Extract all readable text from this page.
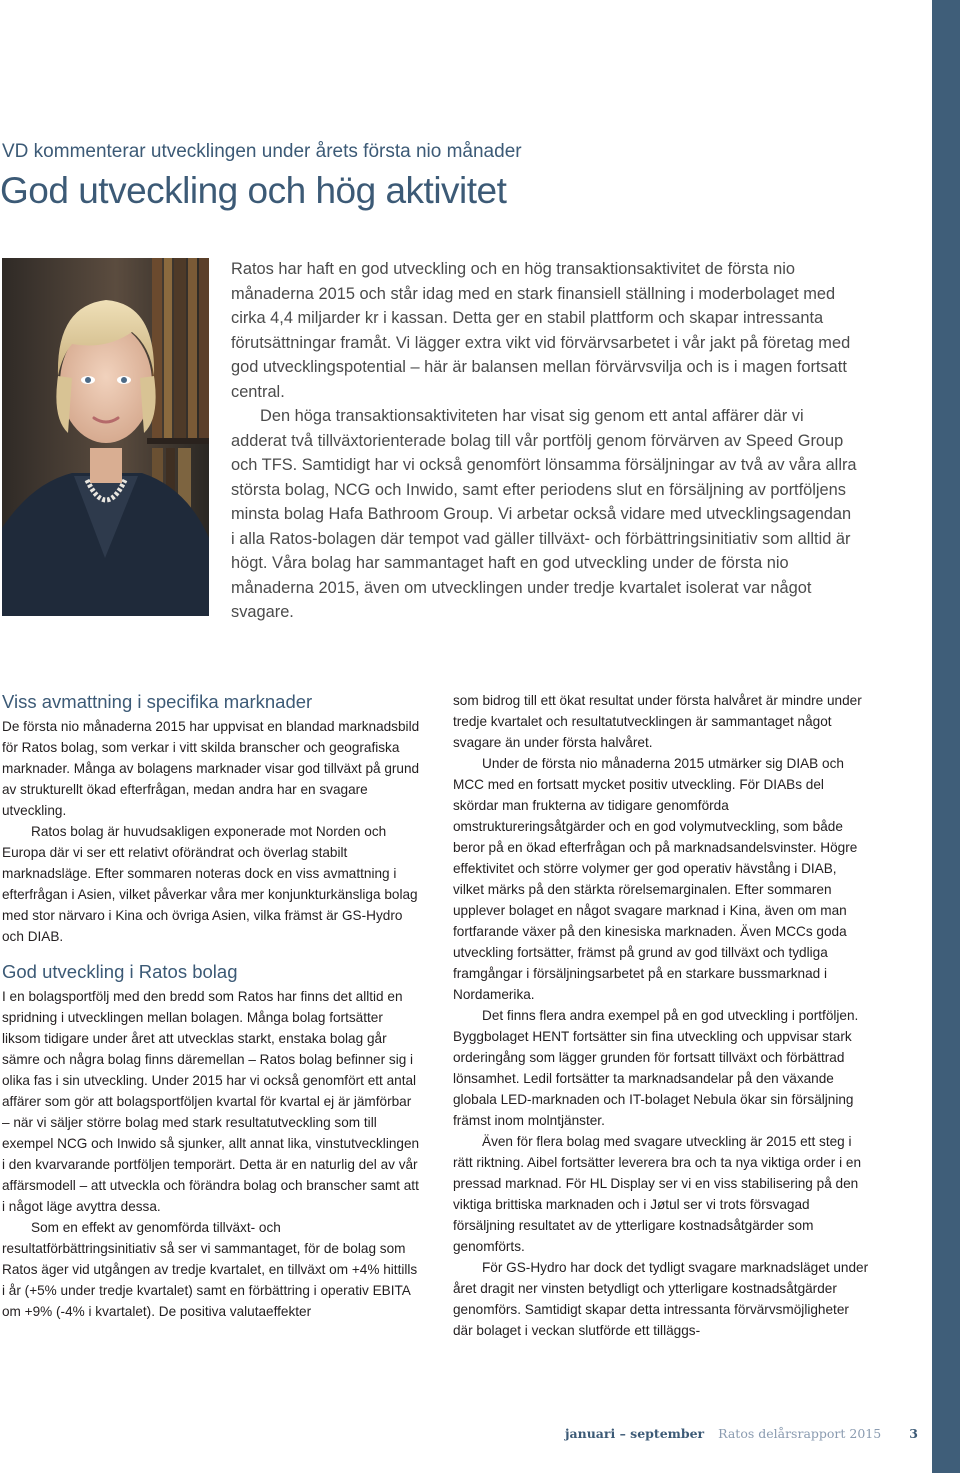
VD kommenterar utvecklingen under årets första nio månader
God utveckling och hög aktivitet

Ratos har haft en god utveckling och en hög transaktionsaktivitet de första nio månaderna 2015 och står idag med en stark finansiell ställning i moderbolaget med cirka 4,4 miljarder kr i kassan. Detta ger en stabil plattform och skapar intressanta förutsättningar framåt. Vi lägger extra vikt vid förvärvsarbetet i vår jakt på företag med god utvecklingspotential – här är balansen mellan förvärvsvilja och is i magen fortsatt central.

Den höga transaktionsaktiviteten har visat sig genom ett antal affärer där vi adderat två tillväxtorienterade bolag till vår portfölj genom förvärven av Speed Group och TFS. Samtidigt har vi också genomfört lönsamma försäljningar av två av våra allra största bolag, NCG och Inwido, samt efter periodens slut en försäljning av portföljens minsta bolag Hafa Bathroom Group. Vi arbetar också vidare med utvecklingsagendan i alla Ratos-bolagen där tempot vad gäller tillväxt- och förbättringsinitiativ som alltid är högt. Våra bolag har sammantaget haft en god utveckling under de första nio månaderna 2015, även om utvecklingen under tredje kvartalet isolerat var något svagare.

Viss avmattning i specifika marknader

De första nio månaderna 2015 har uppvisat en blandad marknadsbild för Ratos bolag, som verkar i vitt skilda branscher och geografiska marknader. Många av bolagens marknader visar god tillväxt på grund av strukturellt ökad efterfrågan, medan andra har en svagare utveckling.

Ratos bolag är huvudsakligen exponerade mot Norden och Europa där vi ser ett relativt oförändrat och överlag stabilt marknadsläge. Efter sommaren noteras dock en viss avmattning i efterfrågan i Asien, vilket påverkar våra mer konjunkturkänsliga bolag med stor närvaro i Kina och övriga Asien, vilka främst är GS-Hydro och DIAB.

God utveckling i Ratos bolag

I en bolagsportfölj med den bredd som Ratos har finns det alltid en spridning i utvecklingen mellan bolagen. Många bolag fortsätter liksom tidigare under året att utvecklas starkt, enstaka bolag går sämre och några bolag finns däremellan – Ratos bolag befinner sig i olika fas i sin utveckling. Under 2015 har vi också genomfört ett antal affärer som gör att bolagsportföljen kvartal för kvartal ej är jämförbar – när vi säljer större bolag med stark resultatutveckling som till exempel NCG och Inwido så sjunker, allt annat lika, vinstutvecklingen i den kvarvarande portföljen temporärt. Detta är en naturlig del av vår affärsmodell – att utveckla och förändra bolag och branscher samt att i något läge avyttra dessa.

Som en effekt av genomförda tillväxt- och resultatförbättringsinitiativ så ser vi sammantaget, för de bolag som Ratos äger vid utgången av tredje kvartalet, en tillväxt om +4% hittills i år (+5% under tredje kvartalet) samt en förbättring i operativ EBITA om +9% (-4% i kvartalet). De positiva valutaeffekter

som bidrog till ett ökat resultat under första halvåret är mindre under tredje kvartalet och resultatutvecklingen är sammantaget något svagare än under första halvåret.

Under de första nio månaderna 2015 utmärker sig DIAB och MCC med en fortsatt mycket positiv utveckling. För DIABs del skördar man frukterna av tidigare genomförda omstruktureringsåtgärder och en god volymutveckling, som både beror på en ökad efterfrågan och på marknadsandelsvinster. Högre effektivitet och större volymer ger god operativ hävstång i DIAB, vilket märks på den stärkta rörelsemarginalen. Efter sommaren upplever bolaget en något svagare marknad i Kina, även om man fortfarande växer på den kinesiska marknaden. Även MCCs goda utveckling fortsätter, främst på grund av god tillväxt och tydliga framgångar i försäljningsarbetet på en starkare bussmarknad i Nordamerika.

Det finns flera andra exempel på en god utveckling i portföljen. Byggbolaget HENT fortsätter sin fina utveckling och uppvisar stark orderingång som lägger grunden för fortsatt tillväxt och förbättrad lönsamhet. Ledil fortsätter ta marknadsandelar på den växande globala LED-marknaden och IT-bolaget Nebula ökar sin försäljning främst inom molntjänster.

Även för flera bolag med svagare utveckling är 2015 ett steg i rätt riktning. Aibel fortsätter leverera bra och ta nya viktiga order i en pressad marknad. För HL Display ser vi en viss stabilisering på den viktiga brittiska marknaden och i Jøtul ser vi trots försvagad försäljning resultatet av de ytterligare kostnadsåtgärder som genomförts.

För GS-Hydro har dock det tydligt svagare marknadsläget under året dragit ner vinsten betydligt och ytterligare kostnadsåtgärder genomförs. Samtidigt skapar detta intressanta förvärvsmöjligheter där bolaget i veckan slutförde ett tilläggs-

januari – september Ratos delårsrapport 2015 3
